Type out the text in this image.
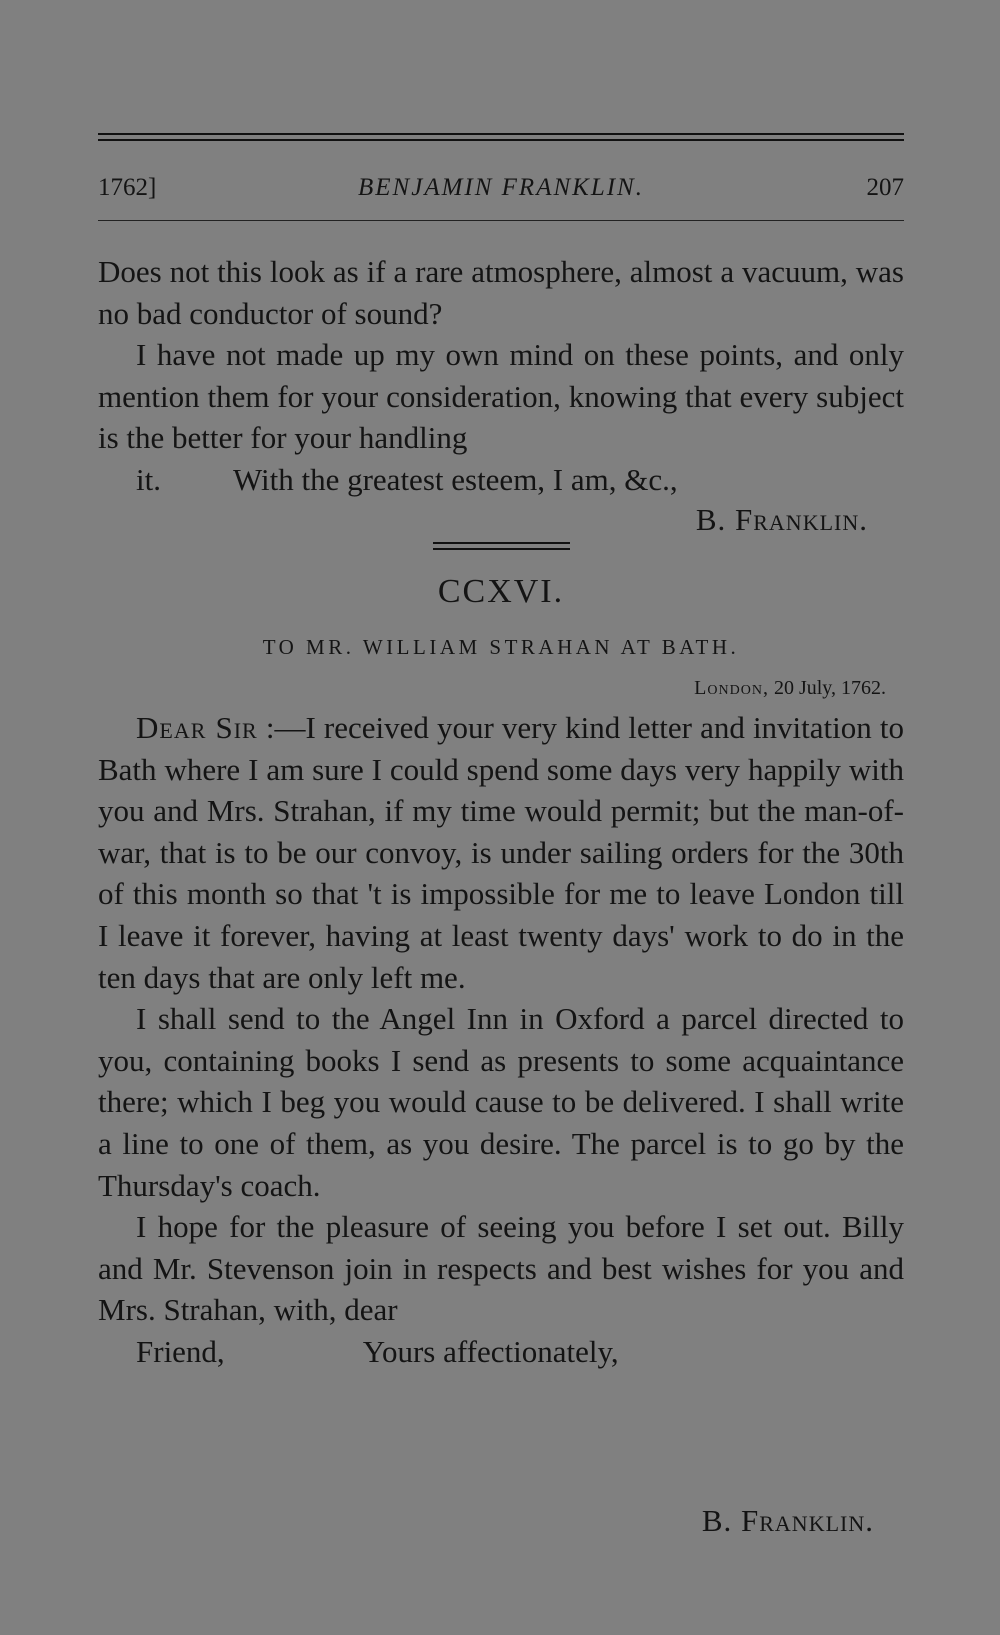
1762]	BENJAMIN FRANKLIN.	207

Does not this look as if a rare atmosphere, almost a vacuum, was no bad conductor of sound?

I have not made up my own mind on these points, and only mention them for your consideration, knowing that every subject is the better for your handling

it. With the greatest esteem, I am, &c.,

B. Franklin.
CCXVI.
TO MR. WILLIAM STRAHAN AT BATH.
London, 20 July, 1762.

Dear Sir :—I received your very kind letter and invitation to Bath where I am sure I could spend some days very happily with you and Mrs. Strahan, if my time would permit; but the man-of-war, that is to be our convoy, is under sailing orders for the 30th of this month so that 't is impossible for me to leave London till I leave it forever, having at least twenty days' work to do in the ten days that are only left me.

I shall send to the Angel Inn in Oxford a parcel directed to you, containing books I send as presents to some acquaintance there; which I beg you would cause to be delivered. I shall write a line to one of them, as you desire. The parcel is to go by the Thursday's coach.

I hope for the pleasure of seeing you before I set out. Billy and Mr. Stevenson join in respects and best wishes for you and Mrs. Strahan, with, dear

Friend,	Yours affectionately,

B. Franklin.
